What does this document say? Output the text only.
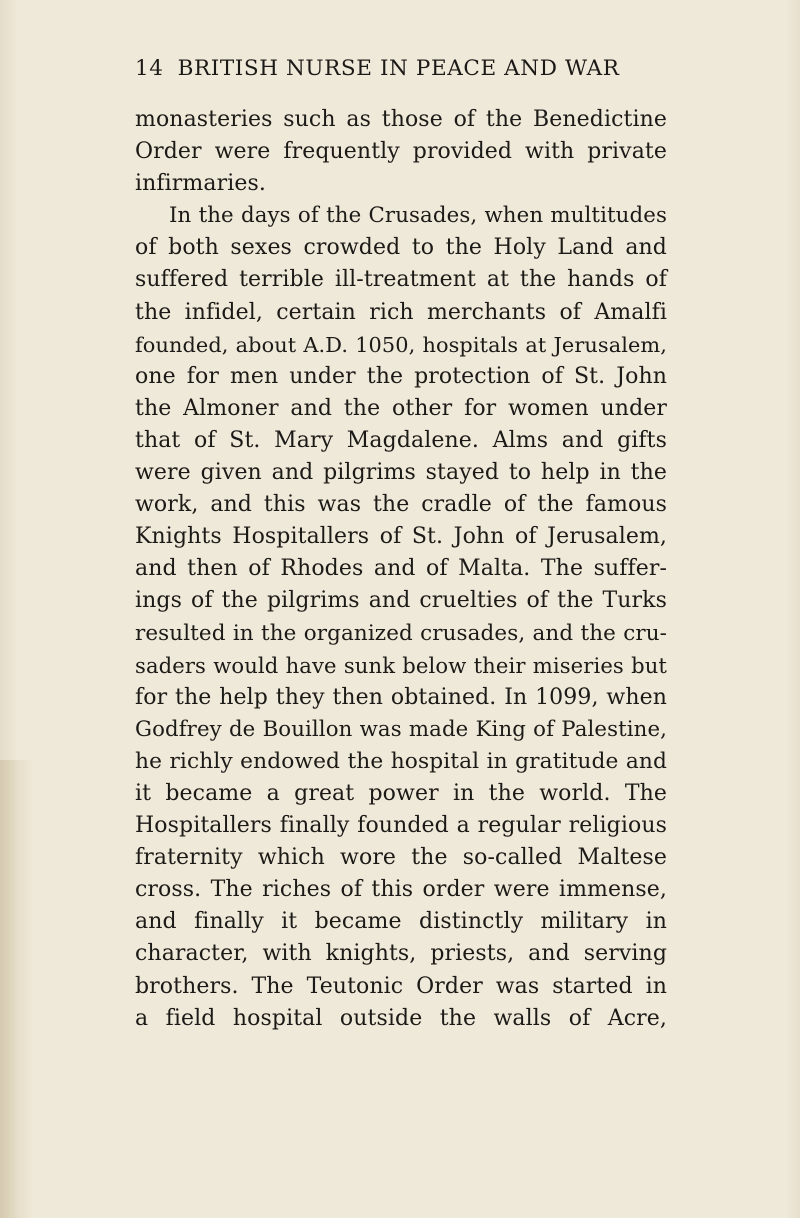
14 BRITISH NURSE IN PEACE AND WAR
monasteries such as those of the Benedictine
Order were frequently provided with private
infirmaries.
In the days of the Crusades, when multitudes
of both sexes crowded to the Holy Land and
suffered terrible ill-treatment at the hands of
the infidel, certain rich merchants of Amalfi
founded, about A.D. 1050, hospitals at Jerusalem,
one for men under the protection of St. John
the Almoner and the other for women under
that of St. Mary Magdalene. Alms and gifts
were given and pilgrims stayed to help in the
work, and this was the cradle of the famous
Knights Hospitallers of St. John of Jerusalem,
and then of Rhodes and of Malta. The suffer-
ings of the pilgrims and cruelties of the Turks
resulted in the organized crusades, and the cru-
saders would have sunk below their miseries but
for the help they then obtained. In 1099, when
Godfrey de Bouillon was made King of Palestine,
he richly endowed the hospital in gratitude and
it became a great power in the world. The
Hospitallers finally founded a regular religious
fraternity which wore the so-called Maltese
cross. The riches of this order were immense,
and finally it became distinctly military in
character, with knights, priests, and serving
brothers. The Teutonic Order was started in
a field hospital outside the walls of Acre,
